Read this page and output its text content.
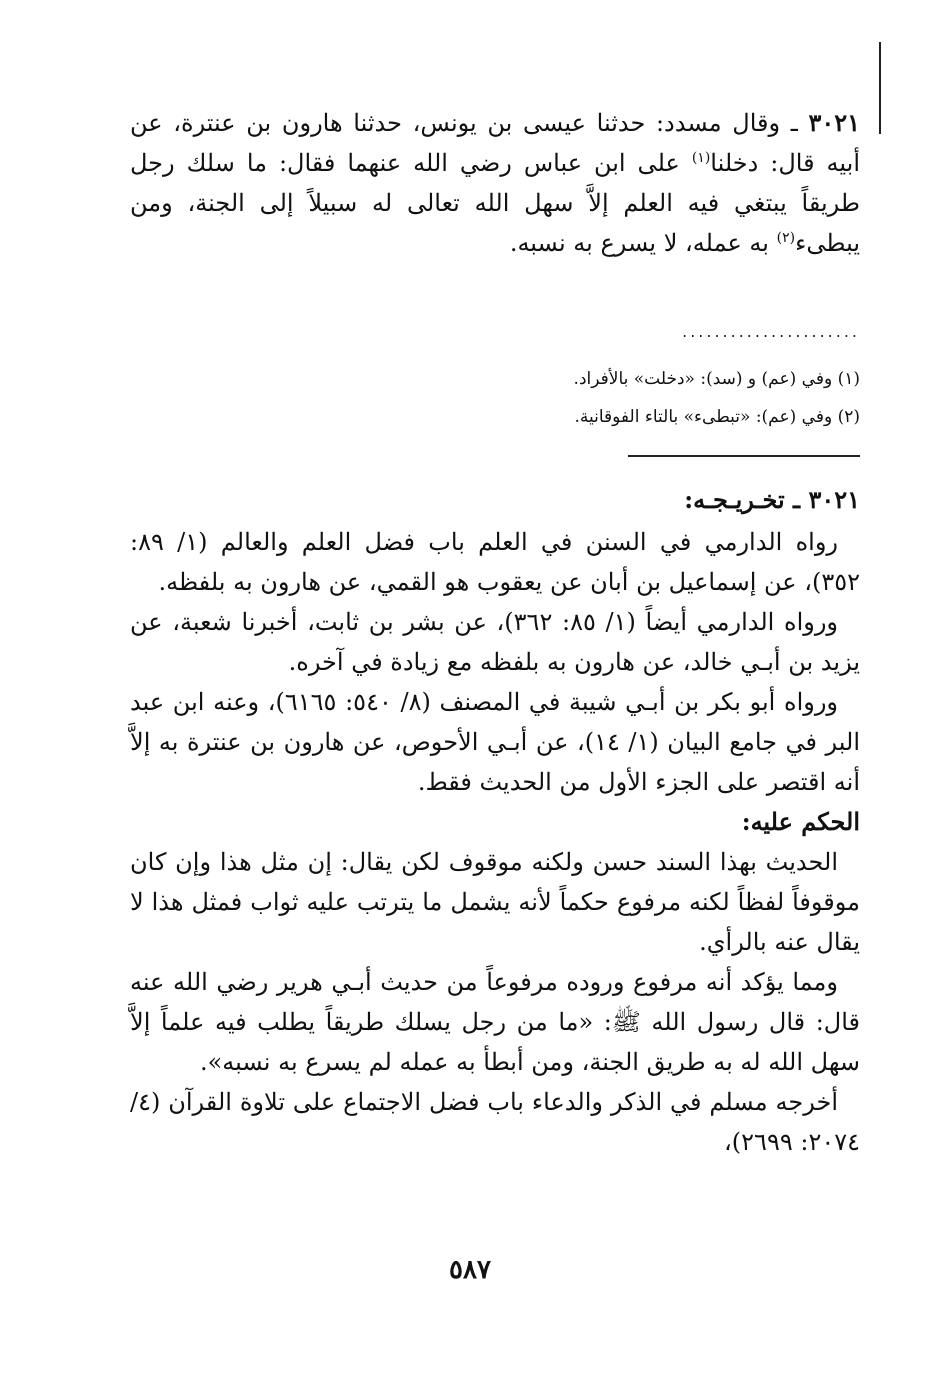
٣٠٢١ ـ وقال مسدد: حدثنا عيسى بن يونس، حدثنا هارون بن عنترة، عن أبيه قال: دخلنا$^{(١)}$ على ابن عباس رضي الله عنهما فقال: ما سلك رجل طريقاً يبتغي فيه العلم إلاَّ سهل الله تعالى له سبيلاً إلى الجنة، ومن يبطىء$^{(٢)}$ به عمله، لا يسرع به نسبه.

......................
(١) وفي (عم) و (سد): «دخلت» بالأفراد.
(٢) وفي (عم): «تبطىء» بالتاء الفوقانية.
٣٠٢١ ـ تخـريـجـه:

رواه الدارمي في السنن في العلم باب فضل العلم والعالم (١/ ٨٩: ٣٥٢)، عن إسماعيل بن أبان عن يعقوب هو القمي، عن هارون به بلفظه.

ورواه الدارمي أيضاً (١/ ٨٥: ٣٦٢)، عن بشر بن ثابت، أخبرنا شعبة، عن يزيد بن أبـي خالد، عن هارون به بلفظه مع زيادة في آخره.

ورواه أبو بكر بن أبـي شيبة في المصنف (٨/ ٥٤٠: ٦١٦٥)، وعنه ابن عبد البر في جامع البيان (١/ ١٤)، عن أبـي الأحوص، عن هارون بن عنترة به إلاَّ أنه اقتصر على الجزء الأول من الحديث فقط.

الحكم عليه:

الحديث بهذا السند حسن ولكنه موقوف لكن يقال: إن مثل هذا وإن كان موقوفاً لفظاً لكنه مرفوع حكماً لأنه يشمل ما يترتب عليه ثواب فمثل هذا لا يقال عنه بالرأي.

ومما يؤكد أنه مرفوع وروده مرفوعاً من حديث أبـي هرير رضي الله عنه قال: قال رسول الله ﷺ: «ما من رجل يسلك طريقاً يطلب فيه علماً إلاَّ سهل الله له به طريق الجنة، ومن أبطأ به عمله لم يسرع به نسبه».

أخرجه مسلم في الذكر والدعاء باب فضل الاجتماع على تلاوة القرآن (٤/ ٢٠٧٤: ٢٦٩٩)،

٥٨٧
